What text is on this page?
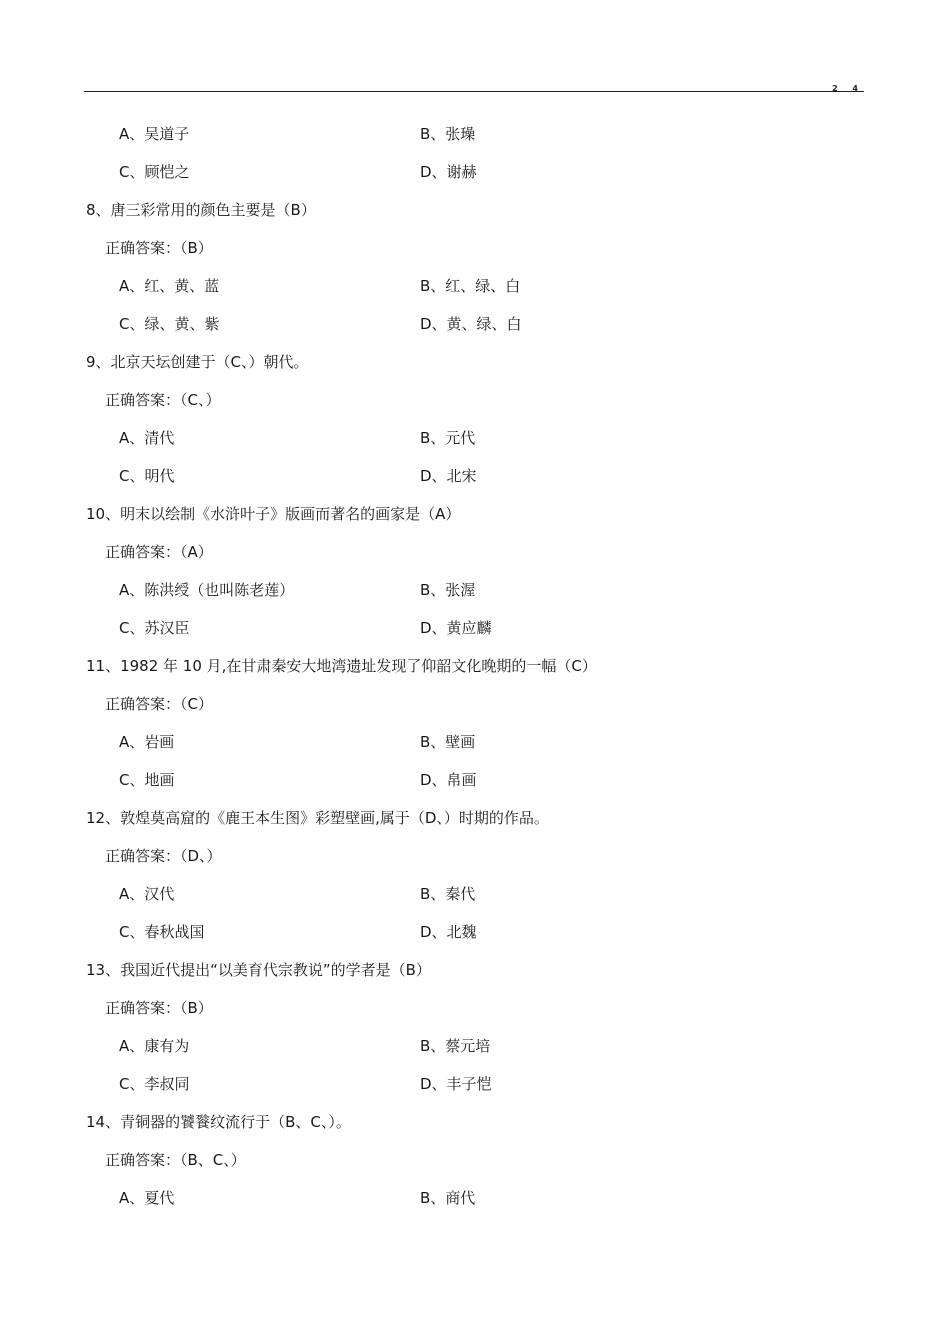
2 4
A、吴道子	B、张璪
C、顾恺之	D、谢赫
8、唐三彩常用的颜色主要是（B）
正确答案：（B）
A、红、黄、蓝	B、红、绿、白
C、绿、黄、紫	D、黄、绿、白
9、北京天坛创建于（C、）朝代。
正确答案：（C、）
A、清代	B、元代
C、明代	D、北宋
10、明末以绘制《水浒叶子》版画而著名的画家是（A）
正确答案：（A）
A、陈洪绶（也叫陈老莲）	B、张渥
C、苏汉臣	D、黄应麟
11、1982 年 10 月,在甘肃秦安大地湾遗址发现了仰韶文化晚期的一幅（C）
正确答案：（C）
A、岩画	B、壁画
C、地画	D、帛画
12、敦煌莫高窟的《鹿王本生图》彩塑壁画,属于（D、）时期的作品。
正确答案：（D、）
A、汉代	B、秦代
C、春秋战国	D、北魏
13、我国近代提出“以美育代宗教说”的学者是（B）
正确答案：（B）
A、康有为	B、蔡元培
C、李叔同	D、丰子恺
14、青铜器的饕餮纹流行于（B、C、）。
正确答案：（B、C、）
A、夏代	B、商代
